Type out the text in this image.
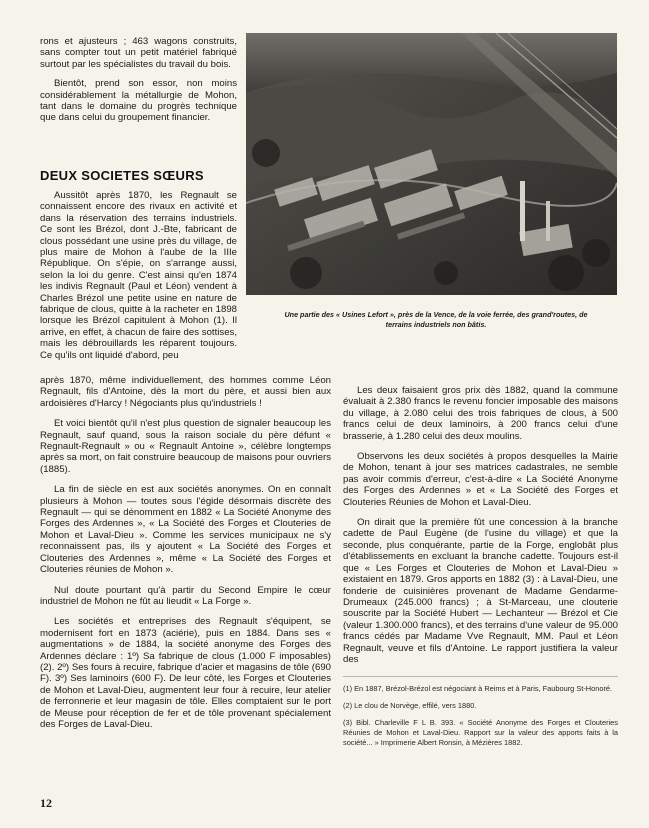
rons et ajusteurs ; 463 wagons construits, sans compter tout un petit matériel fabriqué surtout par les spécialistes du travail du bois.

Bientôt, prend son essor, non moins considérablement la métallurgie de Mohon, tant dans le domaine du progrès technique que dans celui du groupement financier.

DEUX SOCIETES SŒURS

Aussitôt après 1870, les Regnault se connaissent encore des rivaux en activité et dans la réservation des terrains industriels. Ce sont les Brézol, dont J.-Bte, fabricant de clous possédant une usine près du village, de plus maire de Mohon à l'aube de la IIIe République. On s'épie, on s'arrange aussi, selon la loi du genre. C'est ainsi qu'en 1874 les indivis Regnault (Paul et Léon) vendent à Charles Brézol une petite usine en nature de fabrique de clous, quitte à la racheter en 1898 lorsque les Brézol capitulent à Mohon (1). Il arrive, en effet, à chacun de faire des sottises, mais les débrouillards les réparent toujours. Ce qu'ils ont liquidé d'abord, peu

Une partie des « Usines Lefort », près de la Vence, de la voie ferrée, des grand'routes, de terrains industriels non bâtis.

après 1870, même individuellement, des hommes comme Léon Regnault, fils d'Antoine, dès la mort du père, et aussi bien aux ardoisières d'Harcy ! Négociants plus qu'industriels !

Et voici bientôt qu'il n'est plus question de signaler beaucoup les Regnault, sauf quand, sous la raison sociale du père défunt « Regnault-Regnault » ou « Regnault Antoine », célèbre longtemps après sa mort, on fait construire beaucoup de maisons pour ouvriers (1885).

La fin de siècle en est aux sociétés anonymes. On en connaît plusieurs à Mohon — toutes sous l'égide désormais discrète des Regnault — qui se dénomment en 1882 « La Société Anonyme des Forges des Ardennes », « La Société des Forges et Clouteries de Mohon et Laval-Dieu ». Comme les services municipaux ne s'y reconnaissent pas, ils y ajoutent « La Société des Forges et Clouteries des Ardennes », même « La Société des Forges et Clouteries réunies de Mohon ».

Nul doute pourtant qu'à partir du Second Empire le cœur industriel de Mohon ne fût au lieudit « La Forge ».

Les sociétés et entreprises des Regnault s'équipent, se modernisent fort en 1873 (aciérie), puis en 1884. Dans ses « augmentations » de 1884, la société anonyme des Forges des Ardennes déclare : 1º) Sa fabrique de clous (1.000 F imposables) (2). 2º) Ses fours à recuire, fabrique d'acier et magasins de tôle (690 F). 3º) Ses laminoirs (600 F). De leur côté, les Forges et Clouteries de Mohon et Laval-Dieu, augmentent leur four à recuire, leur atelier de ferronnerie et leur magasin de tôle. Elles comptaient sur le port de Meuse pour réception de fer et de tôle provenant spécialement des Forges de Laval-Dieu.

Les deux faisaient gros prix dès 1882, quand la commune évaluait à 2.380 francs le revenu foncier imposable des maisons du village, à 2.080 celui des trois fabriques de clous, à 500 francs celui de deux laminoirs, à 200 francs celui d'une brasserie, à 1.280 celui des deux moulins.

Observons les deux sociétés à propos desquelles la Mairie de Mohon, tenant à jour ses matrices cadastrales, ne semble pas avoir commis d'erreur, c'est-à-dire « La Société Anonyme des Forges des Ardennes » et « La Société des Forges et Clouteries Réunies de Mohon et Laval-Dieu.

On dirait que la première fût une concession à la branche cadette de Paul Eugène (de l'usine du village) et que la seconde, plus conquérante, partie de la Forge, englobât plus d'établissements en excluant la branche cadette. Toujours est-il que « Les Forges et Clouteries de Mohon et Laval-Dieu » existaient en 1879. Gros apports en 1882 (3) : à Laval-Dieu, une fonderie de cuisinières provenant de Madame Gendarme-Drumeaux (245.000 francs) ; à St-Marceau, une clouterie souscrite par la Société Hubert — Lechanteur — Brézol et Cie (valeur 1.300.000 francs), et des terrains d'une valeur de 95.000 francs cédés par Madame Vve Regnault, MM. Paul et Léon Regnault, veuve et fils d'Antoine. Le rapport justifiera la valeur des

(1) En 1887, Brézol-Brézol est négociant à Reims et à Paris, Faubourg St-Honoré.

(2) Le clou de Norvège, effilé, vers 1880.

(3) Bibl. Charleville F L B. 393. « Société Anonyme des Forges et Clouteries Réunies de Mohon et Laval-Dieu. Rapport sur la valeur des apports faits à la société... » Imprimerie Albert Ronsin, à Mézières 1882.

12
